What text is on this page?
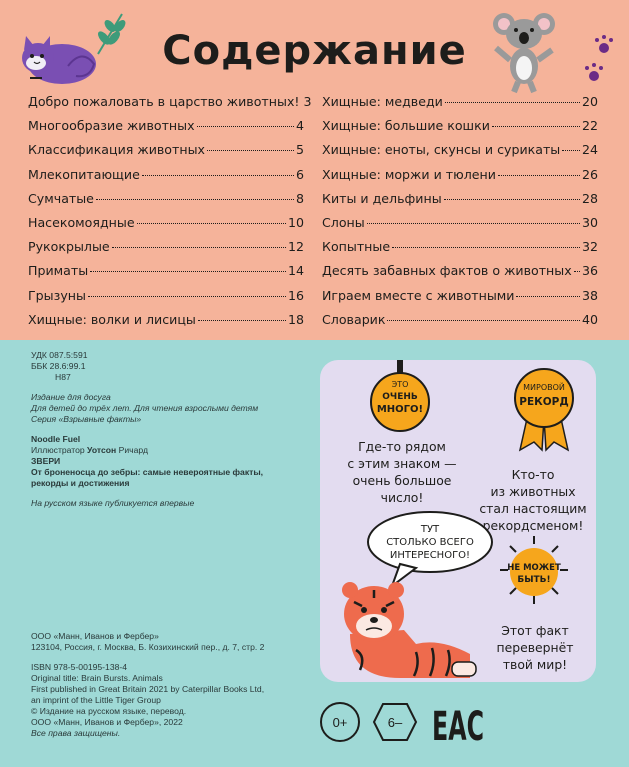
Содержание
Добро пожаловать в царство животных! 3
Многообразие животных	4
Классификация животных	5
Млекопитающие	6
Сумчатые	8
Насекомоядные	10
Рукокрылые	12
Приматы	14
Грызуны	16
Хищные: волки и лисицы	18
Хищные: медведи	20
Хищные: большие кошки	22
Хищные: еноты, скунсы и сурикаты 24
Хищные: моржи и тюлени	26
Киты и дельфины	28
Слоны	30
Копытные	32
Десять забавных фактов о животных 36
Играем вместе с животными	38
Словарик	40
УДК 087.5:591
ББК 28.6:99.1
Н87
Издание для досуга
Для детей до трёх лет. Для чтения взрослыми детям
Серия «Взрывные факты»
Noodle Fuel
Иллюстратор Уотсон Ричард
ЗВЕРИ
От броненосца до зебры: самые невероятные факты,
рекорды и достижения
На русском языке публикуется впервые
ООО «Манн, Иванов и Фербер»
123104, Россия, г. Москва, Б. Козихинский пер., д. 7, стр. 2
ISBN 978-5-00195-138-4
Original title: Brain Bursts. Animals
First published in Great Britain 2021 by Caterpillar Books Ltd,
an imprint of the Little Tiger Group
© Издание на русском языке, перевод.
ООО «Манн, Иванов и Фербер», 2022
Все права защищены.
ЭТО
ОЧЕНЬ
МНОГО!
Где-то рядом
с этим знаком —
очень большое
число!
МИРОВОЙ
РЕКОРД
Кто-то
из животных
стал настоящим
рекордсменом!
ТУТ
СТОЛЬКО ВСЕГО
ИНТЕРЕСНОГО!
НЕ МОЖЕТ
БЫТЬ!
Этот факт
перевернёт
твой мир!
0+	6– EAC
